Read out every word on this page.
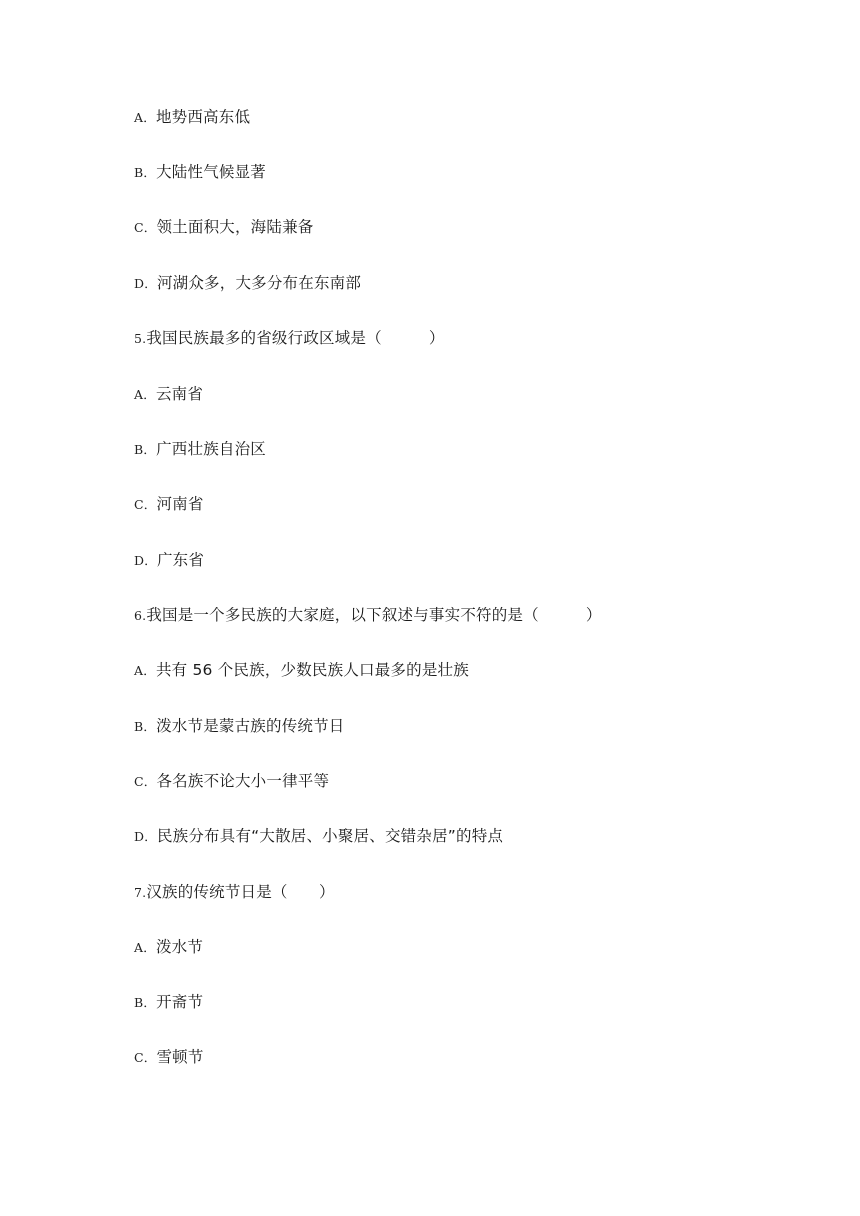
A．地势西高东低
B．大陆性气候显著
C．领土面积大，海陆兼备
D．河湖众多，大多分布在东南部
5.我国民族最多的省级行政区域是（　　　）
A．云南省
B．广西壮族自治区
C．河南省
D．广东省
6.我国是一个多民族的大家庭，以下叙述与事实不符的是（　　　）
A．共有 56 个民族，少数民族人口最多的是壮族
B．泼水节是蒙古族的传统节日
C．各名族不论大小一律平等
D．民族分布具有“大散居、小聚居、交错杂居”的特点
7.汉族的传统节日是（　　）
A．泼水节
B．开斋节
C．雪顿节
